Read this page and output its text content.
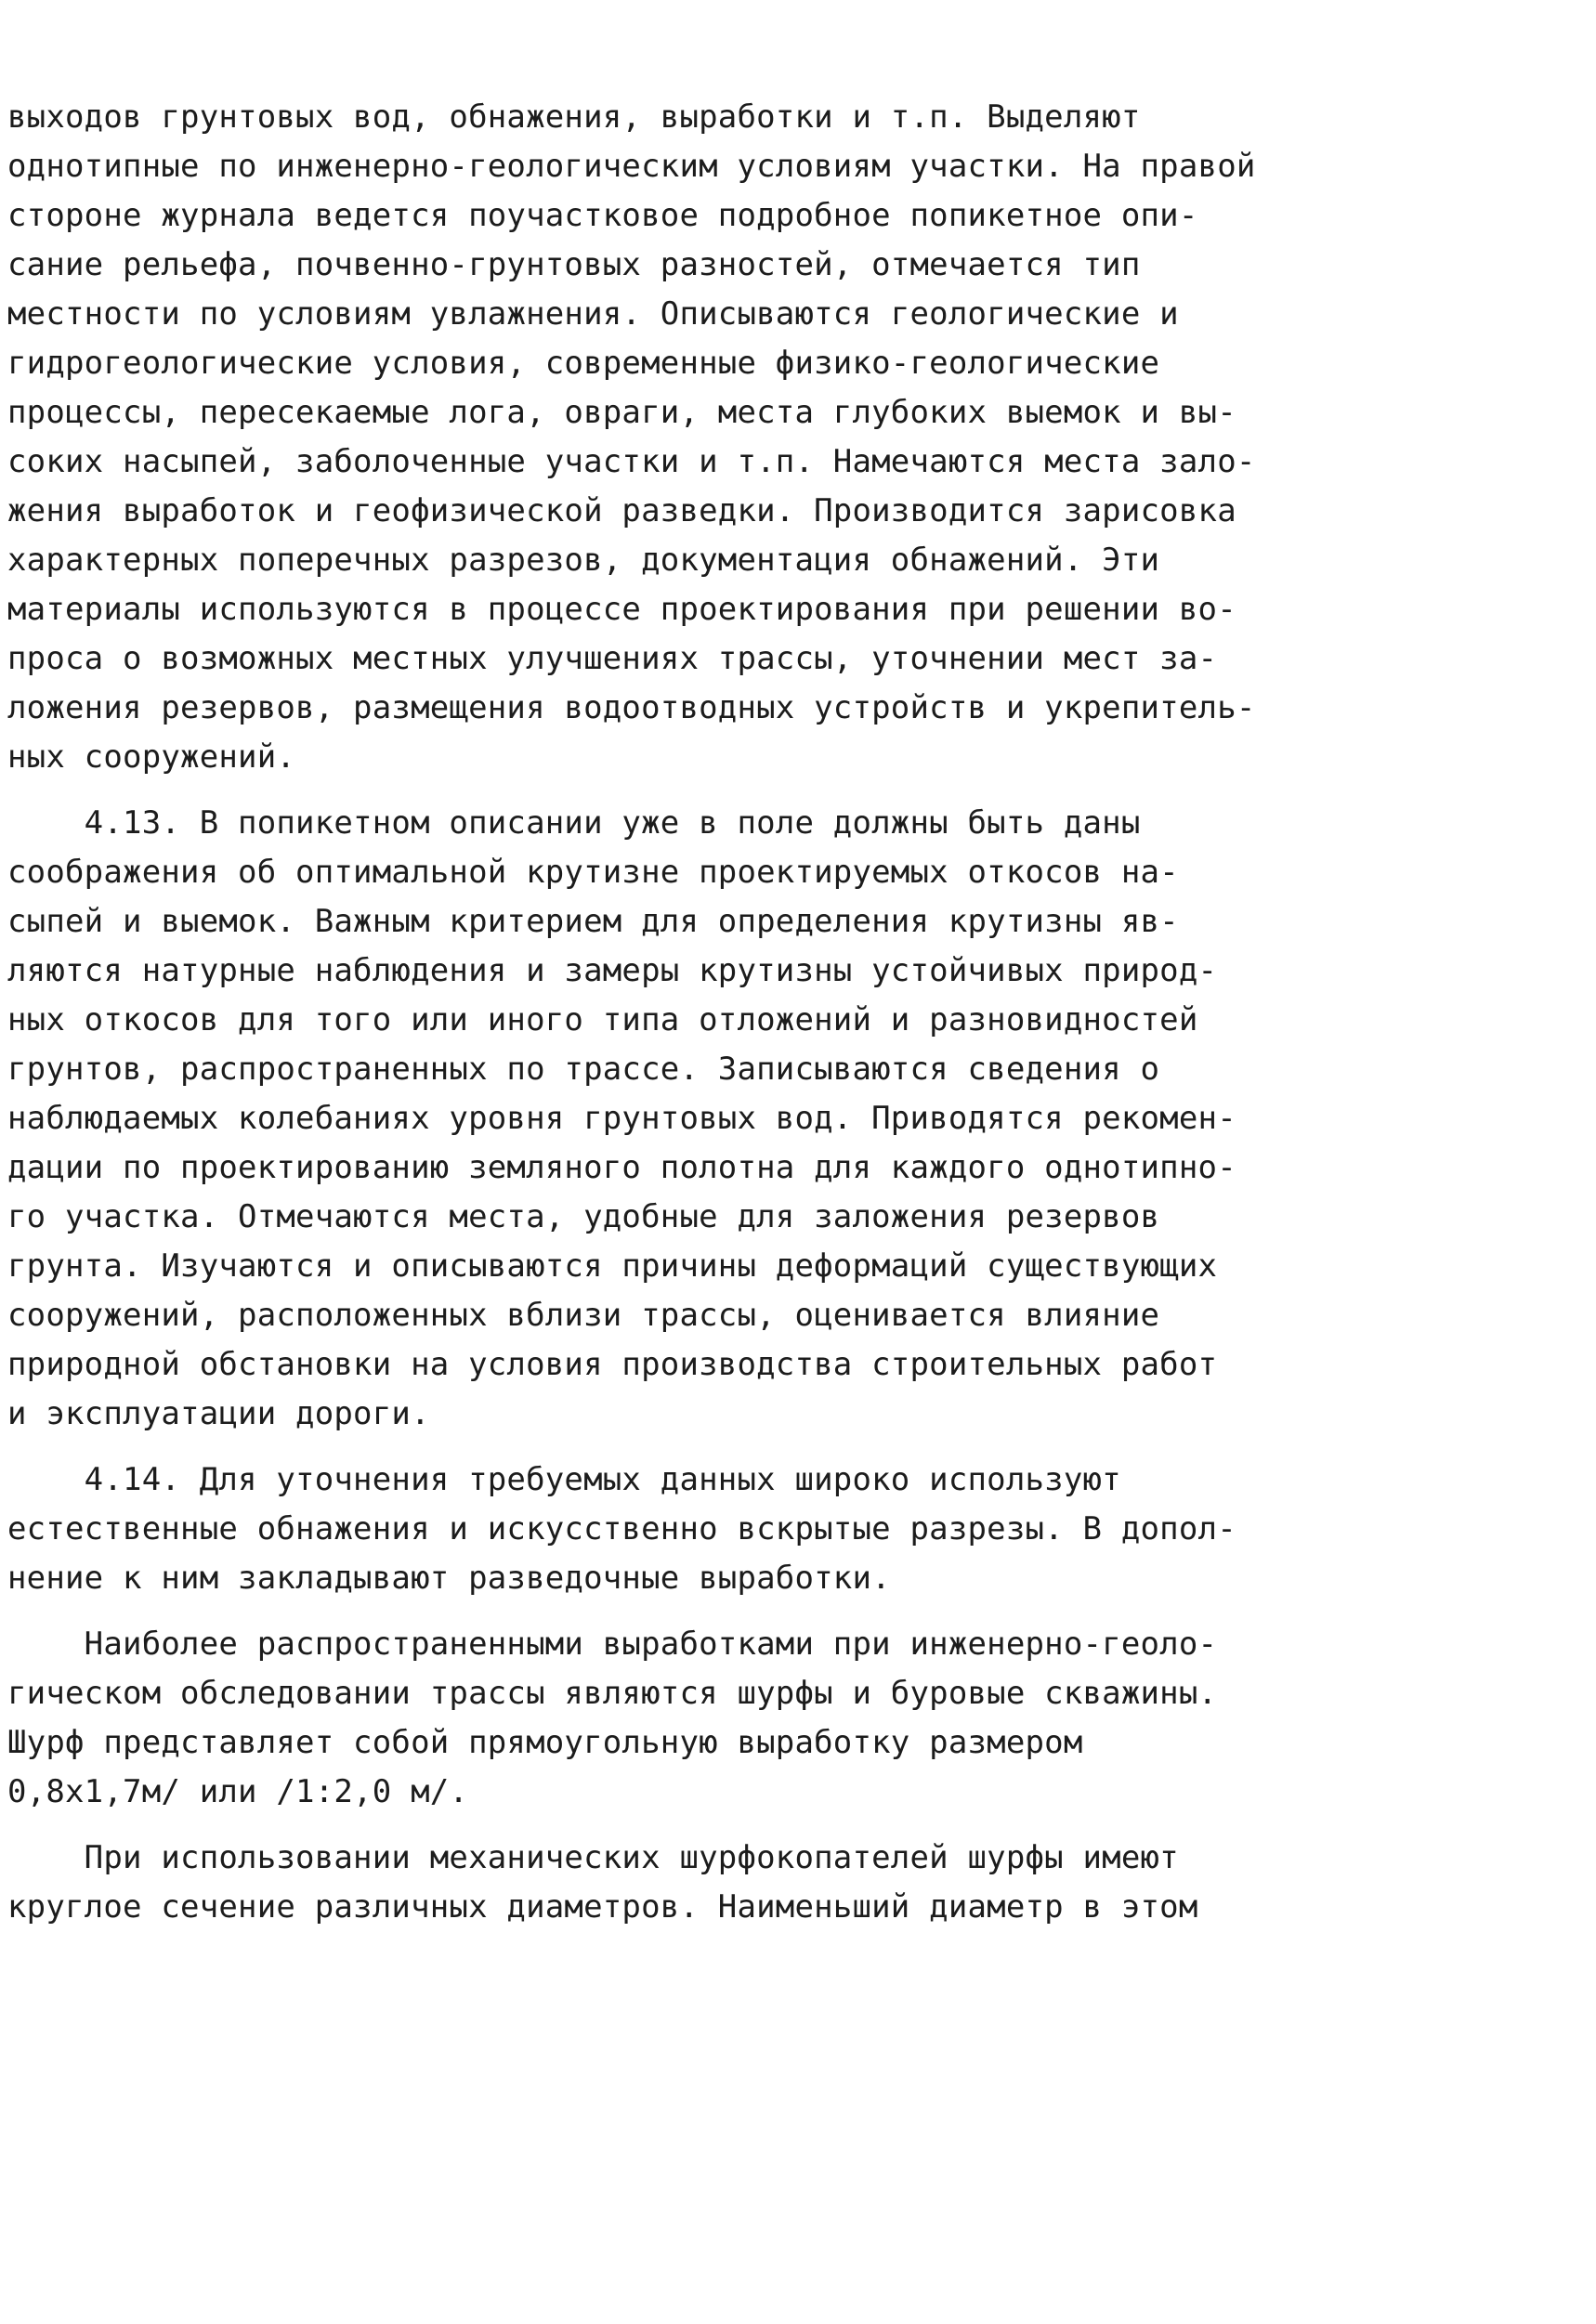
выходов грунтовых вод, обнажения, выработки и т.п. Выделяют
однотипные по инженерно-геологическим условиям участки. На правой
стороне журнала ведется поучастковое подробное попикетное опи-
сание рельефа, почвенно-грунтовых разностей, отмечается тип
местности по условиям увлажнения. Описываются геологические и
гидрогеологические условия, современные физико-геологические
процессы, пересекаемые лога, овраги, места глубоких выемок и вы-
соких насыпей, заболоченные участки и т.п. Намечаются места зало-
жения выработок и геофизической разведки. Производится зарисовка
характерных поперечных разрезов, документация обнажений. Эти
материалы используются в процессе проектирования при решении во-
проса о возможных местных улучшениях трассы, уточнении мест за-
ложения резервов, размещения водоотводных устройств и укрепитель-
ных сооружений.
4.13. В попикетном описании уже в поле должны быть даны
соображения об оптимальной крутизне проектируемых откосов на-
сыпей и выемок. Важным критерием для определения крутизны яв-
ляются натурные наблюдения и замеры крутизны устойчивых природ-
ных откосов для того или иного типа отложений и разновидностей
грунтов, распространенных по трассе. Записываются сведения о
наблюдаемых колебаниях уровня грунтовых вод. Приводятся рекомен-
дации по проектированию земляного полотна для каждого однотипно-
го участка. Отмечаются места, удобные для заложения резервов
грунта. Изучаются и описываются причины деформаций существующих
сооружений, расположенных вблизи трассы, оценивается влияние
природной обстановки на условия производства строительных работ
и эксплуатации дороги.
4.14. Для уточнения требуемых данных широко используют
естественные обнажения и искусственно вскрытые разрезы. В допол-
нение к ним закладывают разведочные выработки.
Наиболее распространенными выработками при инженерно-геоло-
гическом обследовании трассы являются шурфы и буровые скважины.
Шурф представляет собой прямоугольную выработку размером
0,8х1,7м/ или /1:2,0 м/.
При использовании механических шурфокопателей шурфы имеют
круглое сечение различных диаметров. Наименьший диаметр в этом
